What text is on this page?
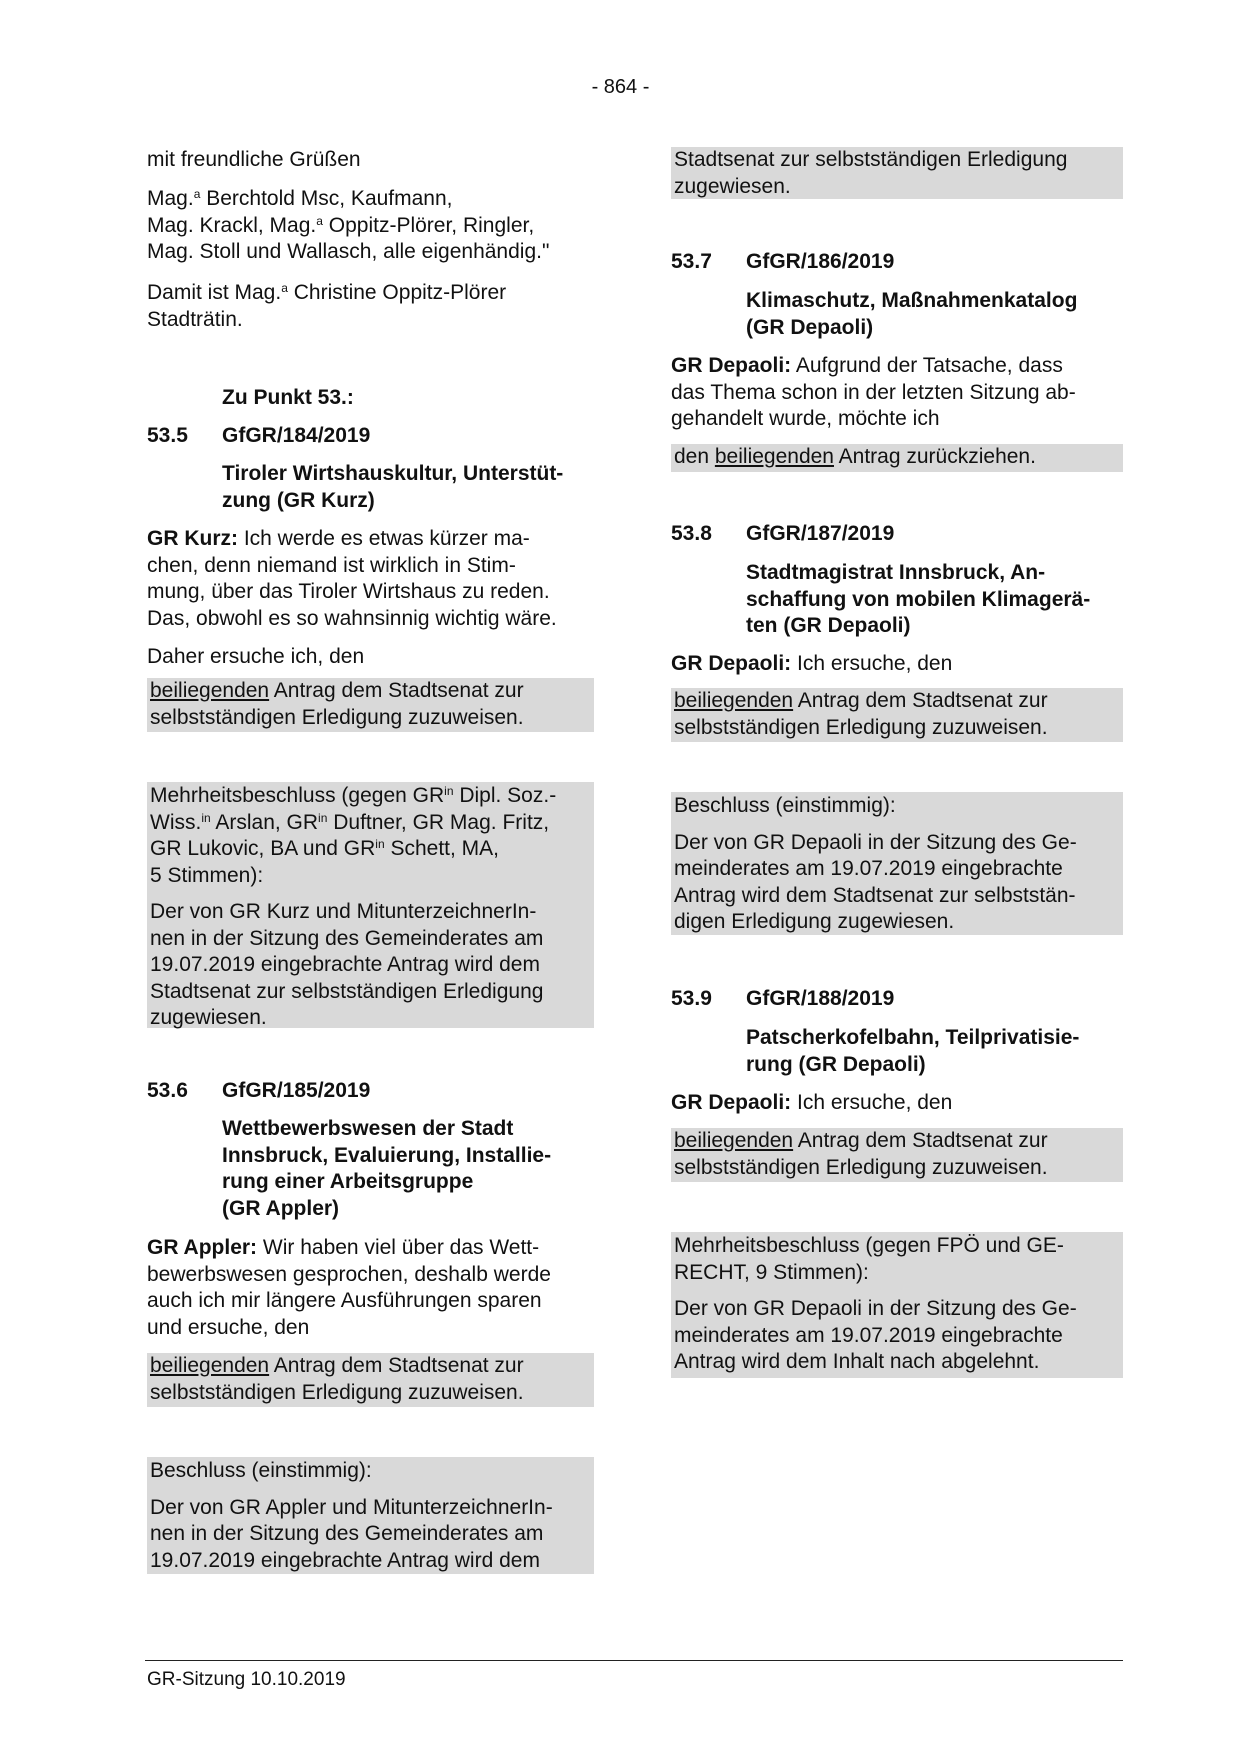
- 864 -

mit freundliche Grüßen

Mag.$^a$ Berchtold Msc, Kaufmann,
Mag. Krackl, Mag.$^a$ Oppitz-Plörer, Ringler,
Mag. Stoll und Wallasch, alle eigenhändig."

Damit ist Mag.$^a$ Christine Oppitz-Plörer
Stadträtin.

Zu Punkt 53.:
53.5 GfGR/184/2019
Tiroler Wirtshauskultur, Unterstüt-
zung (GR Kurz)

GR Kurz: Ich werde es etwas kürzer ma-
chen, denn niemand ist wirklich in Stim-
mung, über das Tiroler Wirtshaus zu reden.
Das, obwohl es so wahnsinnig wichtig wäre.

Daher ersuche ich, den

beiliegenden Antrag dem Stadtsenat zur
selbstständigen Erledigung zuzuweisen.

Mehrheitsbeschluss (gegen $GR^{in}$ Dipl. Soz.-
Wiss.$^{in}$ Arslan, $GR^{in}$ Duftner, GR Mag. Fritz,
GR Lukovic, BA und $GR^{in}$ Schett, MA,
5 Stimmen):

Der von GR Kurz und MitunterzeichnerIn-
nen in der Sitzung des Gemeinderates am
19.07.2019 eingebrachte Antrag wird dem
Stadtsenat zur selbstständigen Erledigung
zugewiesen.

53.6 GfGR/185/2019
Wettbewerbswesen der Stadt
Innsbruck, Evaluierung, Installie-
rung einer Arbeitsgruppe
(GR Appler)

GR Appler: Wir haben viel über das Wett-
bewerbswesen gesprochen, deshalb werde
auch ich mir längere Ausführungen sparen
und ersuche, den

beiliegenden Antrag dem Stadtsenat zur
selbstständigen Erledigung zuzuweisen.

Beschluss (einstimmig):

Der von GR Appler und MitunterzeichnerIn-
nen in der Sitzung des Gemeinderates am
19.07.2019 eingebrachte Antrag wird dem

Stadtsenat zur selbstständigen Erledigung
zugewiesen.

53.7 GfGR/186/2019
Klimaschutz, Maßnahmenkatalog
(GR Depaoli)

GR Depaoli: Aufgrund der Tatsache, dass
das Thema schon in der letzten Sitzung ab-
gehandelt wurde, möchte ich

den beiliegenden Antrag zurückziehen.

53.8 GfGR/187/2019
Stadtmagistrat Innsbruck, An-
schaffung von mobilen Klimagerä-
ten (GR Depaoli)

GR Depaoli: Ich ersuche, den

beiliegenden Antrag dem Stadtsenat zur
selbstständigen Erledigung zuzuweisen.

Beschluss (einstimmig):

Der von GR Depaoli in der Sitzung des Ge-
meinderates am 19.07.2019 eingebrachte
Antrag wird dem Stadtsenat zur selbststän-
digen Erledigung zugewiesen.

53.9 GfGR/188/2019
Patscherkofelbahn, Teilprivatisie-
rung (GR Depaoli)

GR Depaoli: Ich ersuche, den

beiliegenden Antrag dem Stadtsenat zur
selbstständigen Erledigung zuzuweisen.

Mehrheitsbeschluss (gegen FPÖ und GE-
RECHT, 9 Stimmen):

Der von GR Depaoli in der Sitzung des Ge-
meinderates am 19.07.2019 eingebrachte
Antrag wird dem Inhalt nach abgelehnt.

GR-Sitzung 10.10.2019
